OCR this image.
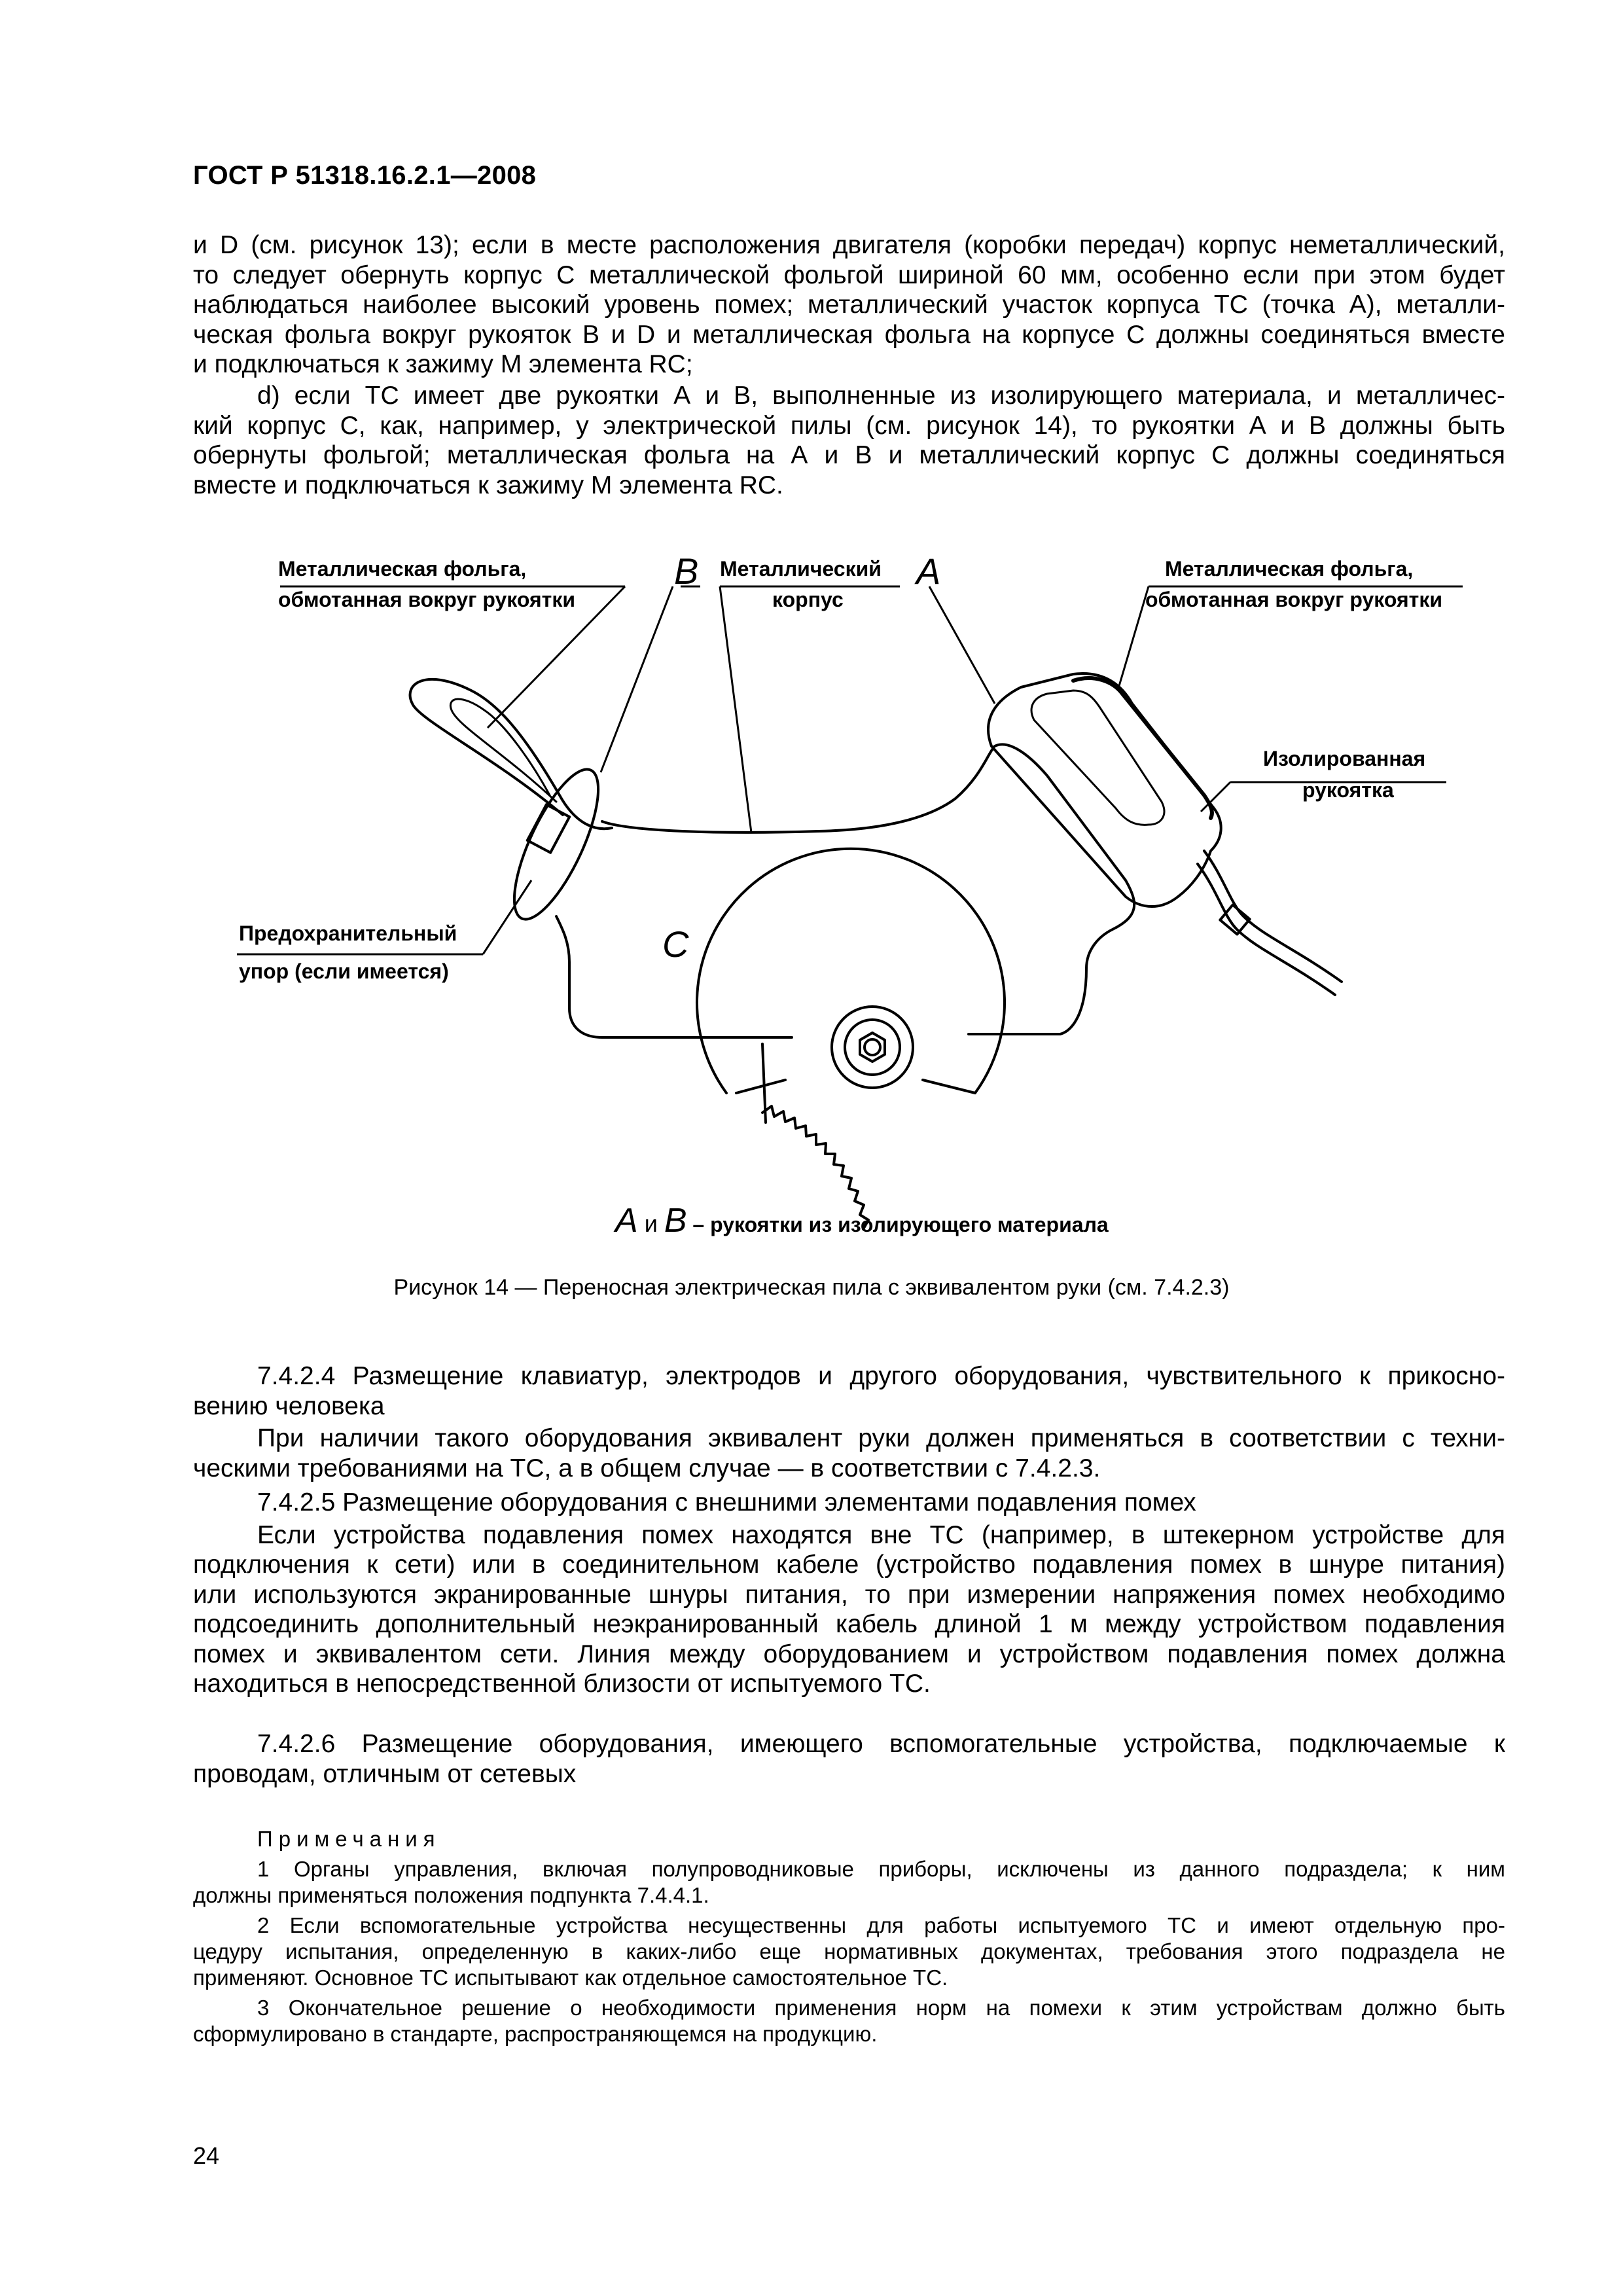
ГОСТ Р 51318.16.2.1—2008
и D (см. рисунок 13); если в месте расположения двигателя (коробки передач) корпус неметаллический,
то следует обернуть корпус С металлической фольгой шириной 60 мм, особенно если при этом будет
наблюдаться наиболее высокий уровень помех; металлический участок корпуса ТС (точка А), металли-
ческая фольга вокруг рукояток В и D и металлическая фольга на корпусе С должны соединяться вместе
и подключаться к зажиму М элемента RC;
d) если ТС имеет две рукоятки А и В, выполненные из изолирующего материала, и металличес-
кий корпус С, как, например, у электрической пилы (см. рисунок 14), то рукоятки А и В должны быть
обернуты фольгой; металлическая фольга на А и В и металлический корпус С должны соединяться
вместе и подключаться к зажиму М элемента RC.
Металлическая фольга,
обмотанная вокруг рукоятки
Металлический
корпус
Металлическая фольга,
обмотанная вокруг рукоятки
Изолированная
рукоятка
Предохранительный
упор (если имеется)
B	A
C
A и B – рукоятки из изолирующего материала
Рисунок 14 — Переносная электрическая пила с эквивалентом руки (см. 7.4.2.3)
7.4.2.4 Размещение клавиатур, электродов и другого оборудования, чувствительного к прикосно-
вению человека
При наличии такого оборудования эквивалент руки должен применяться в соответствии с техни-
ческими требованиями на ТС, а в общем случае — в соответствии с 7.4.2.3.
7.4.2.5 Размещение оборудования с внешними элементами подавления помех
Если устройства подавления помех находятся вне ТС (например, в штекерном устройстве для
подключения к сети) или в соединительном кабеле (устройство подавления помех в шнуре питания)
или используются экранированные шнуры питания, то при измерении напряжения помех необходимо
подсоединить дополнительный неэкранированный кабель длиной 1 м между устройством подавления
помех и эквивалентом сети. Линия между оборудованием и устройством подавления помех должна
находиться в непосредственной близости от испытуемого ТС.
7.4.2.6 Размещение оборудования, имеющего вспомогательные устройства, подключаемые к
проводам, отличным от сетевых

Примечания

1 Органы управления, включая полупроводниковые приборы, исключены из данного подраздела; к ним
должны применяться положения подпункта 7.4.4.1.

2 Если вспомогательные устройства несущественны для работы испытуемого ТС и имеют отдельную про-
цедуру испытания, определенную в каких-либо еще нормативных документах, требования этого подраздела не
применяют. Основное ТС испытывают как отдельное самостоятельное ТС.

3 Окончательное решение о необходимости применения норм на помехи к этим устройствам должно быть
сформулировано в стандарте, распространяющемся на продукцию.

24
